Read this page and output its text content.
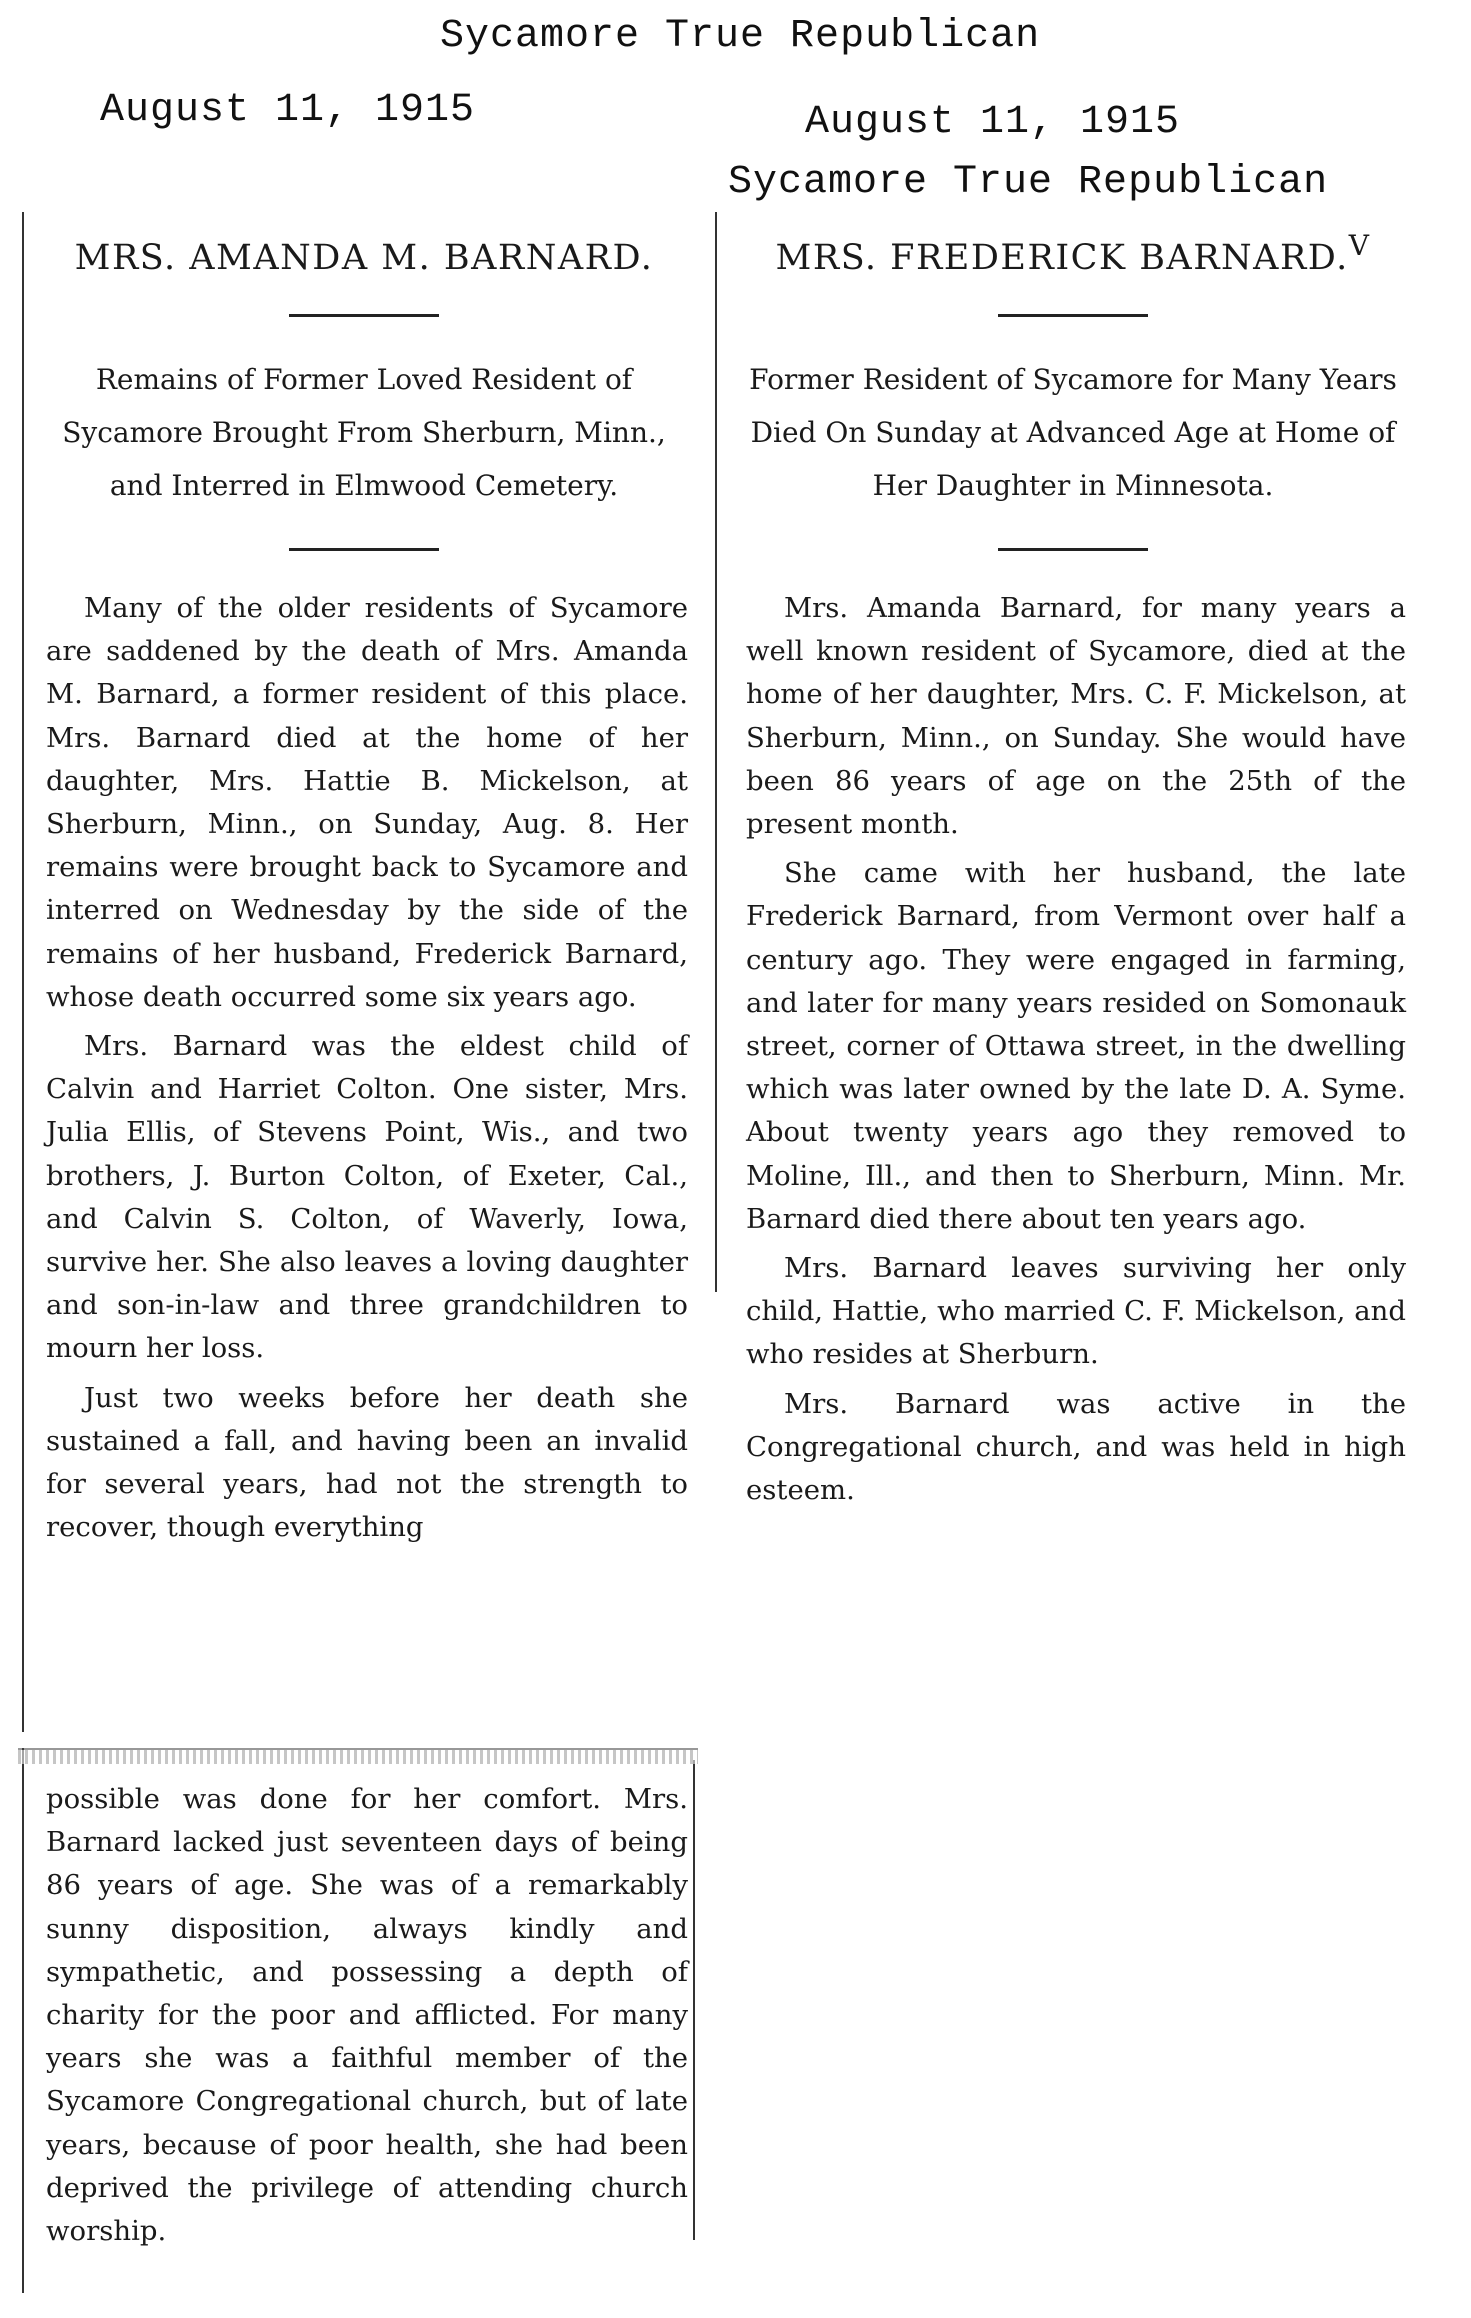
Sycamore True Republican
August 11, 1915	August 11, 1915
Sycamore True Republican
MRS. AMANDA M. BARNARD.
Remains of Former Loved Resident of Sycamore Brought From Sherburn, Minn., and Interred in Elmwood Cemetery.

Many of the older residents of Sycamore are saddened by the death of Mrs. Amanda M. Barnard, a former resident of this place. Mrs. Barnard died at the home of her daughter, Mrs. Hattie B. Mickelson, at Sherburn, Minn., on Sunday, Aug. 8. Her remains were brought back to Sycamore and interred on Wednesday by the side of the remains of her husband, Frederick Barnard, whose death occurred some six years ago.

Mrs. Barnard was the eldest child of Calvin and Harriet Colton. One sister, Mrs. Julia Ellis, of Stevens Point, Wis., and two brothers, J. Burton Colton, of Exeter, Cal., and Calvin S. Colton, of Waverly, Iowa, survive her. She also leaves a loving daughter and son-in-law and three grandchildren to mourn her loss.

Just two weeks before her death she sustained a fall, and having been an invalid for several years, had not the strength to recover, though everything

possible was done for her comfort. Mrs. Barnard lacked just seventeen days of being 86 years of age. She was of a remarkably sunny disposition, always kindly and sympathetic, and possessing a depth of charity for the poor and afflicted. For many years she was a faithful member of the Sycamore Congregational church, but of late years, because of poor health, she had been deprived the privilege of attending church worship.

MRS. FREDERICK BARNARD.$^V$
Former Resident of Sycamore for Many Years Died On Sunday at Advanced Age at Home of Her Daughter in Minnesota.

Mrs. Amanda Barnard, for many years a well known resident of Sycamore, died at the home of her daughter, Mrs. C. F. Mickelson, at Sherburn, Minn., on Sunday. She would have been 86 years of age on the 25th of the present month.

She came with her husband, the late Frederick Barnard, from Vermont over half a century ago. They were engaged in farming, and later for many years resided on Somonauk street, corner of Ottawa street, in the dwelling which was later owned by the late D. A. Syme. About twenty years ago they removed to Moline, Ill., and then to Sherburn, Minn. Mr. Barnard died there about ten years ago.

Mrs. Barnard leaves surviving her only child, Hattie, who married C. F. Mickelson, and who resides at Sherburn.

Mrs. Barnard was active in the Congregational church, and was held in high esteem.
